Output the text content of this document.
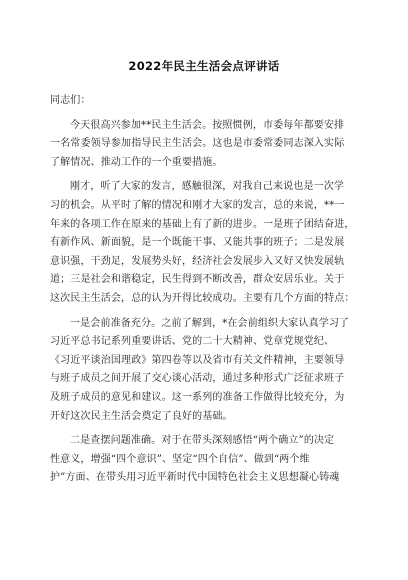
2022年民主生活会点评讲话
同志们：
今天很高兴参加**民主生活会。按照惯例，市委每年都要安排
一名常委领导参加指导民主生活会。这也是市委常委同志深入实际
了解情况、推动工作的一个重要措施。
刚才，听了大家的发言，感触很深，对我自己来说也是一次学
习的机会。从平时了解的情况和刚才大家的发言，总的来说，**一
年来的各项工作在原来的基础上有了新的进步。一是班子团结奋进，
有新作风、新面貌，是一个既能干事、又能共事的班子；二是发展
意识强，干劲足，发展势头好，经济社会发展步入又好又快发展轨
道；三是社会和谐稳定，民生得到不断改善，群众安居乐业。关于
这次民主生活会，总的认为开得比较成功。主要有几个方面的特点：
一是会前准备充分。之前了解到，*在会前组织大家认真学习了
习近平总书记系列重要讲话、党的二十大精神、党章党规党纪、
《习近平谈治国理政》第四卷等以及省市有关文件精神，主要领导
与班子成员之间开展了交心谈心活动，通过多种形式广泛征求班子
及班子成员的意见和建议。这一系列的准备工作做得比较充分，为
开好这次民主生活会奠定了良好的基础。
二是查摆问题准确。对于在带头深刻感悟“两个确立”的决定
性意义，增强“四个意识”、坚定“四个自信”、做到“两个维
护”方面、在带头用习近平新时代中国特色社会主义思想凝心铸魂
